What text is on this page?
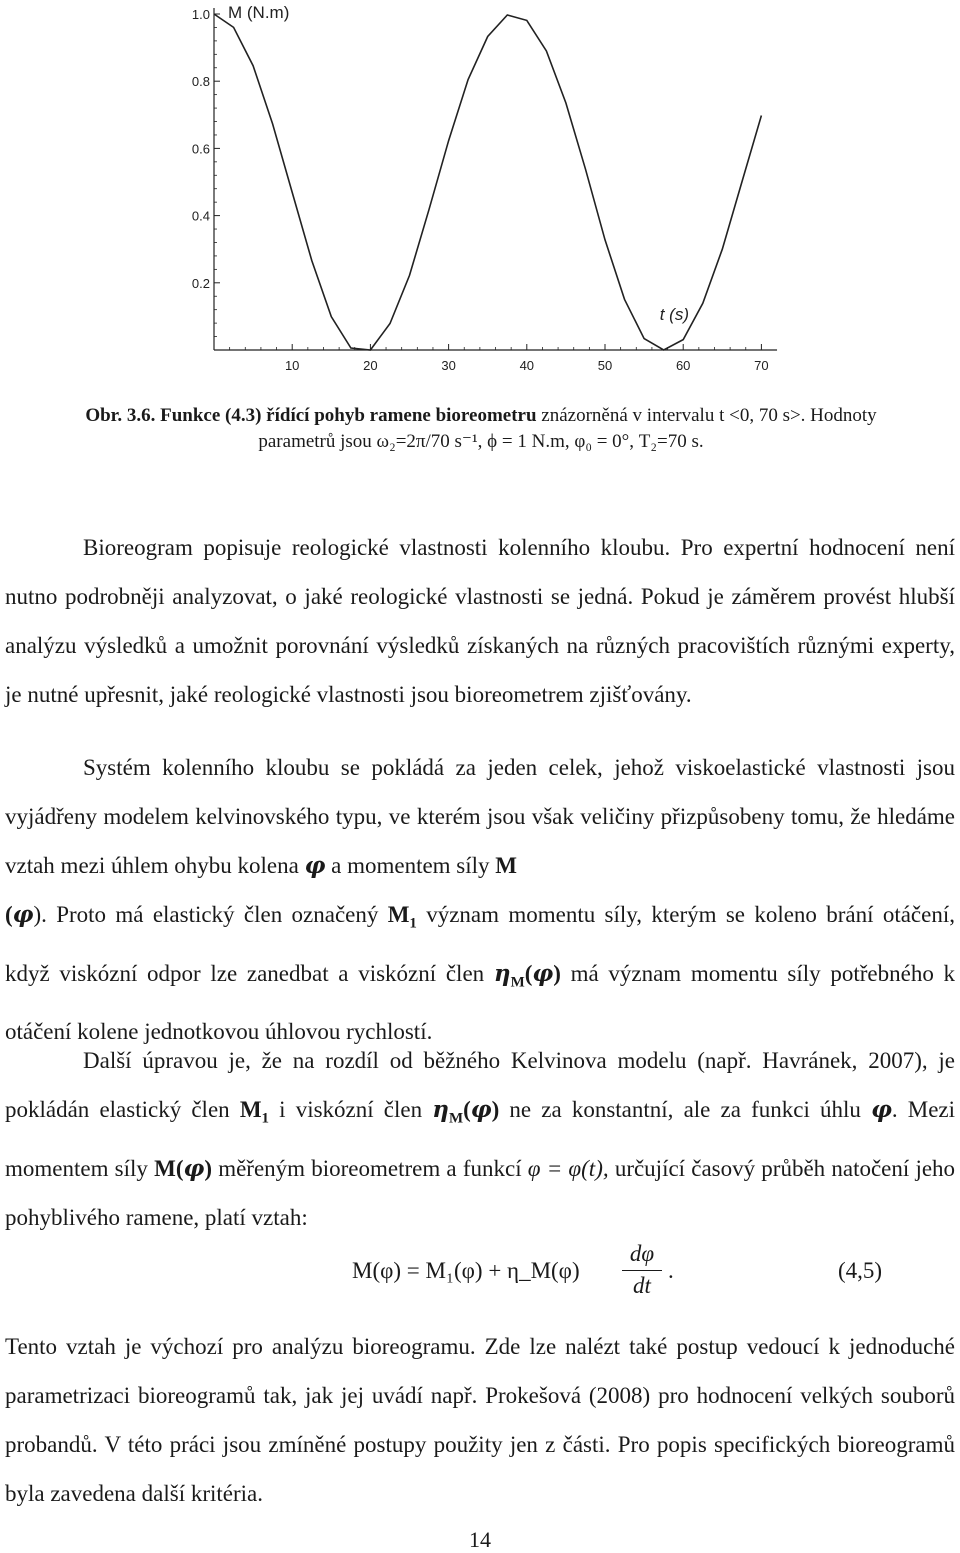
10	20	30	40	50	60	70
0.2
0.4
0.6
0.8
1.0 M (N.m)
t (s)
Obr. 3.6. Funkce (4.3) řídící pohyb ramene bioreometru znázorněná v intervalu t <0, 70 s>. Hodnoty
parametrů jsou ω₂=2π/70 s⁻¹, ϕ = 1 N.m, φ₀ = 0°, T₂=70 s.
Bioreogram popisuje reologické vlastnosti kolenního kloubu. Pro expertní hodnocení není nutno podrobněji analyzovat, o jaké reologické vlastnosti se jedná. Pokud je záměrem provést hlubší analýzu výsledků a umožnit porovnání výsledků získaných na různých pracovištích různými experty, je nutné upřesnit, jaké reologické vlastnosti jsou bioreometrem zjišťovány.
Systém kolenního kloubu se pokládá za jeden celek, jehož viskoelastické vlastnosti jsou vyjádřeny modelem kelvinovského typu, ve kterém jsou však veličiny přizpůsobeny tomu, že hledáme vztah mezi úhlem ohybu kolena φ a momentem síly M
(φ). Proto má elastický člen označený $M_1$ význam momentu síly, kterým se koleno brání otáčení, když viskózní odpor lze zanedbat a viskózní člen $\eta_M(\varphi)$ má význam momentu síly potřebného k otáčení kolene jednotkovou úhlovou rychlostí.
Další úpravou je, že na rozdíl od běžného Kelvinova modelu (např. Havránek, 2007), je pokládán elastický člen $M_1$ i viskózní člen $\eta_M(\varphi)$ ne za konstantní, ale za funkci úhlu φ. Mezi momentem síly M(φ) měřeným bioreometrem a funkcí φ = φ(t), určující časový průběh natočení jeho pohyblivého ramene, platí vztah:
M(φ) = M₁(φ) + η_M(φ)
dφ
dt
.	(4,5)
Tento vztah je výchozí pro analýzu bioreogramu. Zde lze nalézt také postup vedoucí k jednoduché parametrizaci bioreogramů tak, jak jej uvádí např. Prokešová (2008) pro hodnocení velkých souborů probandů. V této práci jsou zmíněné postupy použity jen z části. Pro popis specifických bioreogramů byla zavedena další kritéria.
14
